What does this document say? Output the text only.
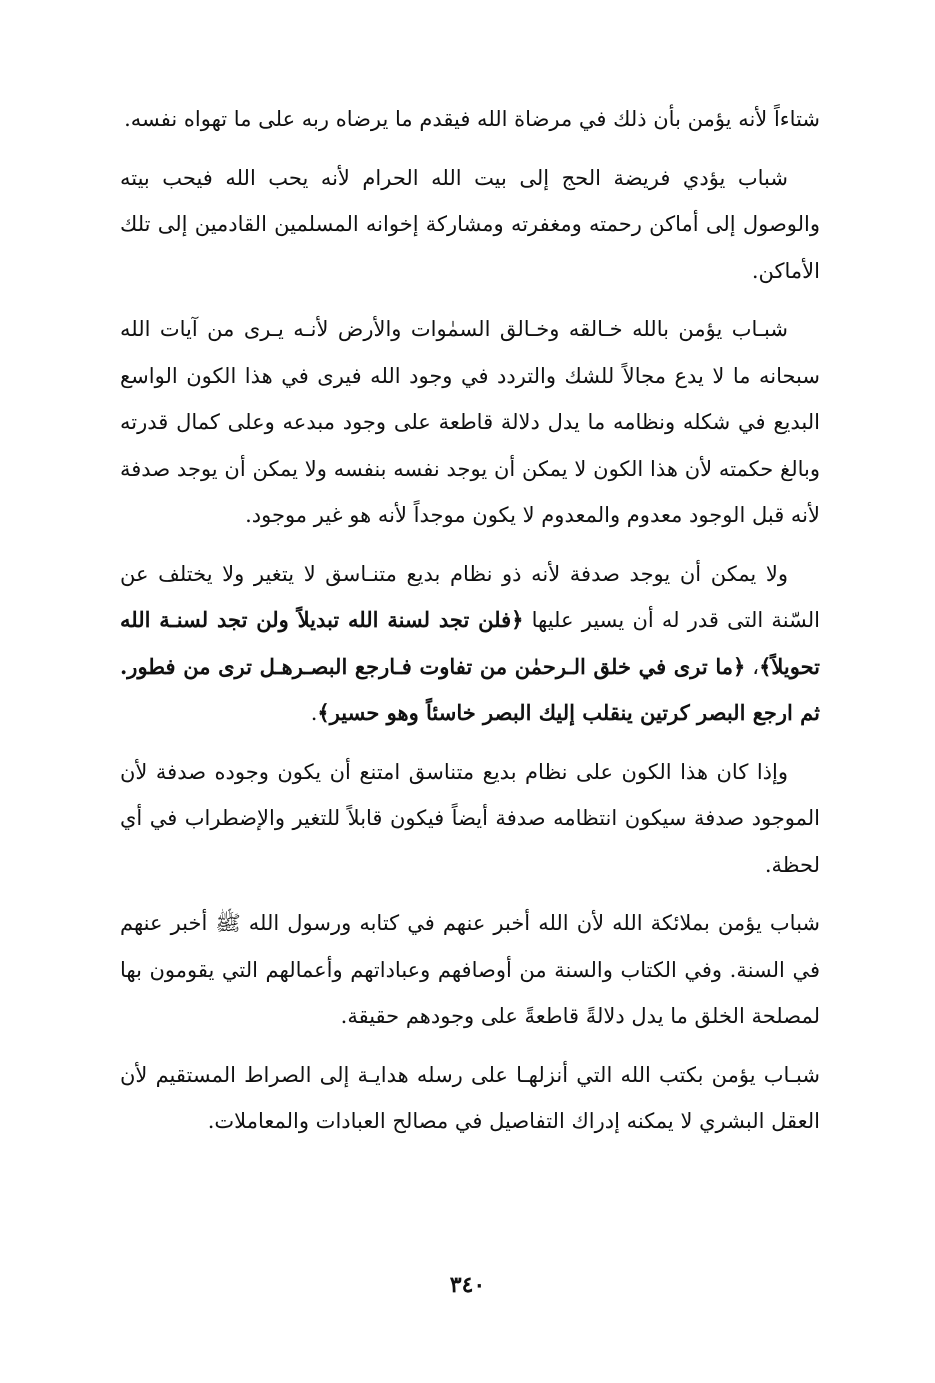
شتاءاً لأنه يؤمن بأن ذلك في مرضاة الله فيقدم ما يرضاه ربه على ما تهواه نفسه.

شباب يؤدي فريضة الحج إلى بيت الله الحرام لأنه يحب الله فيحب بيته والوصول إلى أماكن رحمته ومغفرته ومشاركة إخوانه المسلمين القادمين إلى تلك الأماكن.

شبـاب يؤمن بالله خـالقه وخـالق السمٰوات والأرض لأنـه يـرى من آيات الله سبحانه ما لا يدع مجالاً للشك والتردد في وجود الله فيرى في هذا الكون الواسع البديع في شكله ونظامه ما يدل دلالة قاطعة على وجود مبدعه وعلى كمال قدرته وبالغ حكمته لأن هذا الكون لا يمكن أن يوجد نفسه بنفسه ولا يمكن أن يوجد صدفة لأنه قبل الوجود معدوم والمعدوم لا يكون موجداً لأنه هو غير موجود.

ولا يمكن أن يوجد صدفة لأنه ذو نظام بديع متنـاسق لا يتغير ولا يختلف عن السّنة التى قدر له أن يسير عليها ﴿فلن تجد لسنة الله تبديلاً ولن تجد لسنـة الله تحويلاً﴾، ﴿ما ترى في خلق الـرحمٰن من تفاوت فـارجع البصـرهـل ترى من فطور. ثم ارجع البصر كرتين ينقلب إليك البصر خاسئاً وهو حسير﴾.

وإذا كان هذا الكون على نظام بديع متناسق امتنع أن يكون وجوده صدفة لأن الموجود صدفة سيكون انتظامه صدفة أيضاً فيكون قابلاً للتغير والإضطراب في أي لحظة.

شباب يؤمن بملائكة الله لأن الله أخبر عنهم في كتابه ورسول الله ﷺ أخبر عنهم في السنة. وفي الكتاب والسنة من أوصافهم وعباداتهم وأعمالهم التي يقومون بها لمصلحة الخلق ما يدل دلالةً قاطعةً على وجودهم حقيقة.

شبـاب يؤمن بكتب الله التي أنزلهـا على رسله هدايـة إلى الصراط المستقيم لأن العقل البشري لا يمكنه إدراك التفاصيل في مصالح العبادات والمعاملات.

٣٤٠
